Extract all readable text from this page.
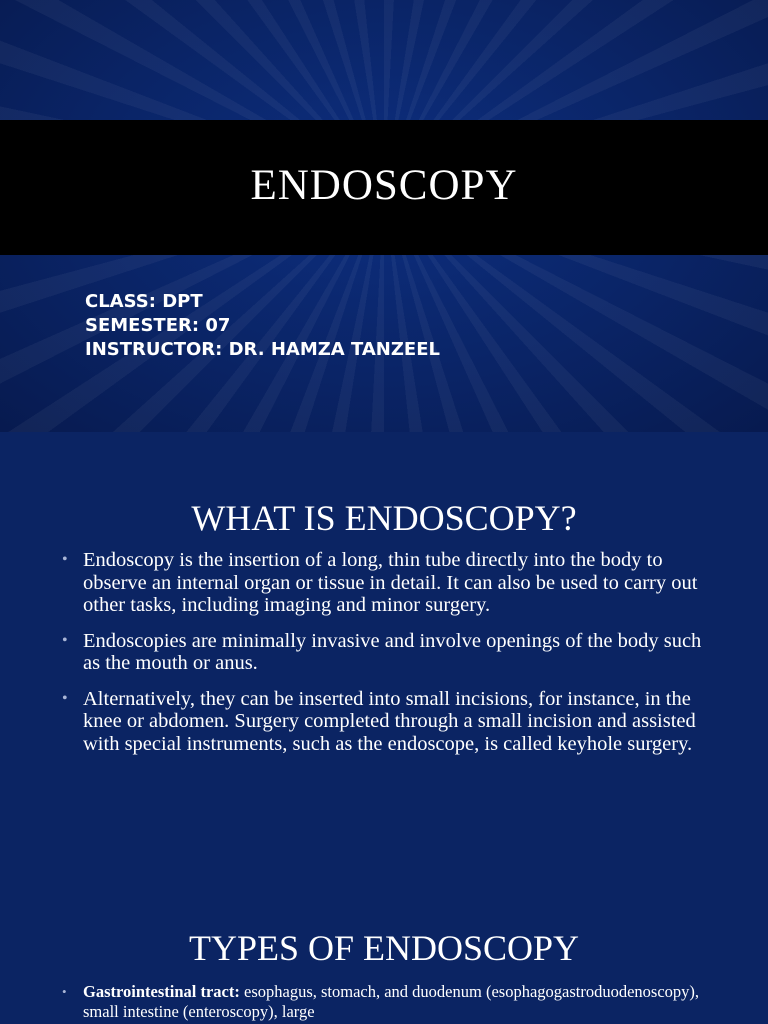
ENDOSCOPY
CLASS: DPT
SEMESTER: 07
INSTRUCTOR: DR. HAMZA TANZEEL
WHAT IS ENDOSCOPY?
• Endoscopy is the insertion of a long, thin tube directly into the body to observe an internal organ or tissue in detail. It can also be used to carry out other tasks, including imaging and minor surgery.
• Endoscopies are minimally invasive and involve openings of the body such as the mouth or anus.
• Alternatively, they can be inserted into small incisions, for instance, in the knee or abdomen. Surgery completed through a small incision and assisted with special instruments, such as the endoscope, is called keyhole surgery.
TYPES OF ENDOSCOPY
• Gastrointestinal tract: esophagus, stomach, and duodenum (esophagogastroduodenoscopy), small intestine (enteroscopy), large
